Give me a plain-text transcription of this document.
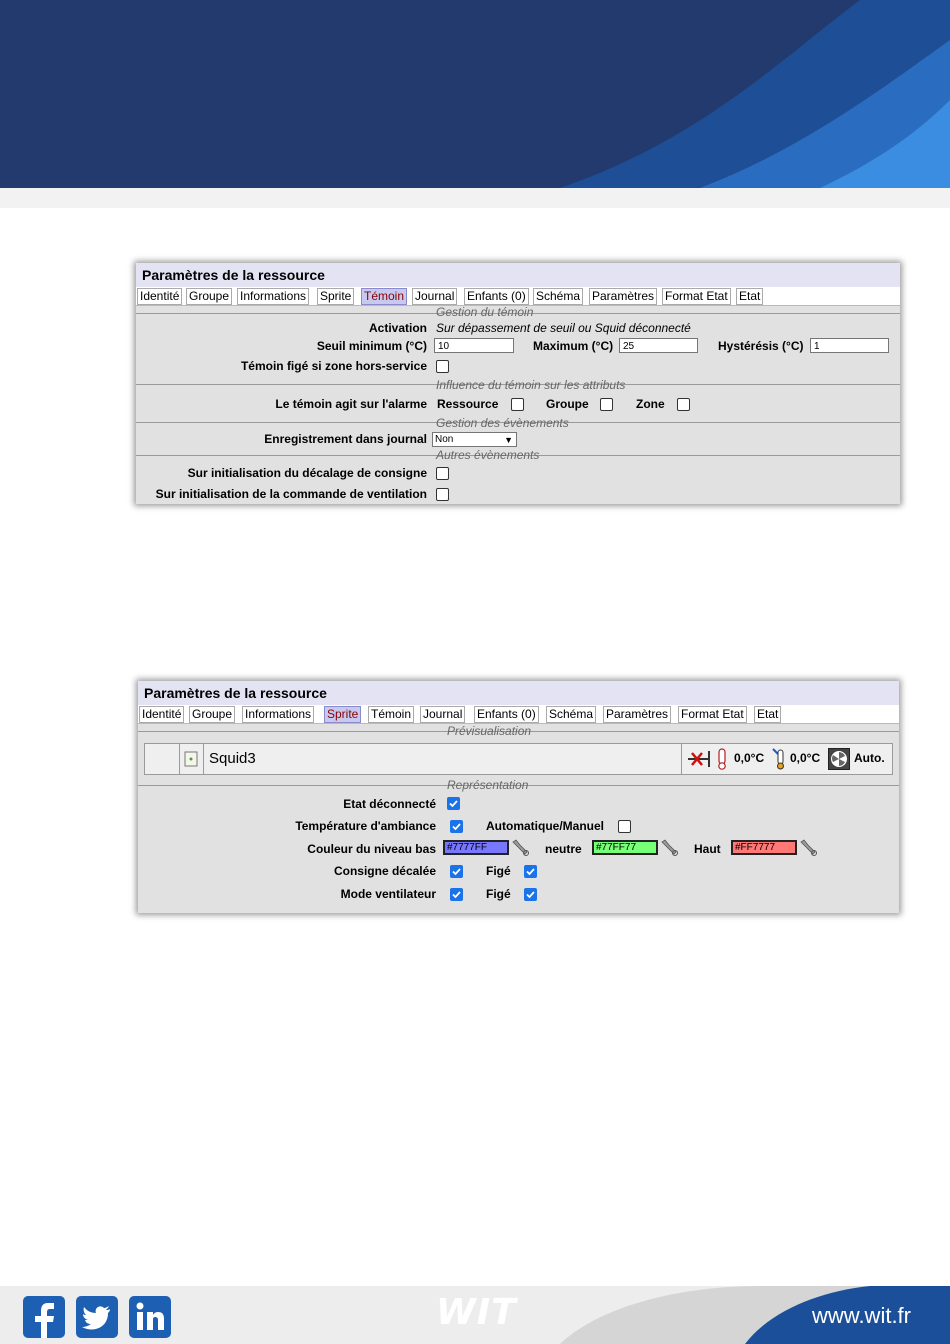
Paramètres de la ressource
Identité Groupe Informations Sprite Témoin Journal Enfants (0) Schéma Paramètres Format Etat Etat
Gestion du témoin
Activation Sur dépassement de seuil ou Squid déconnecté
Seuil minimum (°C)	10	Maximum (°C) 25	Hystérésis (°C)	1
Témoin figé si zone hors-service
Influence du témoin sur les attributs
Le témoin agit sur l'alarme Ressource	Groupe	Zone
Gestion des évènements
Enregistrement dans journal Non	▼
Autres évènements
Sur initialisation du décalage de consigne
Sur initialisation de la commande de ventilation
Paramètres de la ressource
Identité Groupe Informations Sprite Témoin Journal Enfants (0) Schéma Paramètres Format Etat Etat
Prévisualisation
Squid3	0,0°C 0,0°C	Auto.
Représentation
Etat déconnecté
Température d'ambiance	Automatique/Manuel
Couleur du niveau bas	#7777FF	neutre	#77FF77	Haut	#FF7777
Consigne décalée	Figé
Mode ventilateur	Figé
WIT	www.wit.fr
